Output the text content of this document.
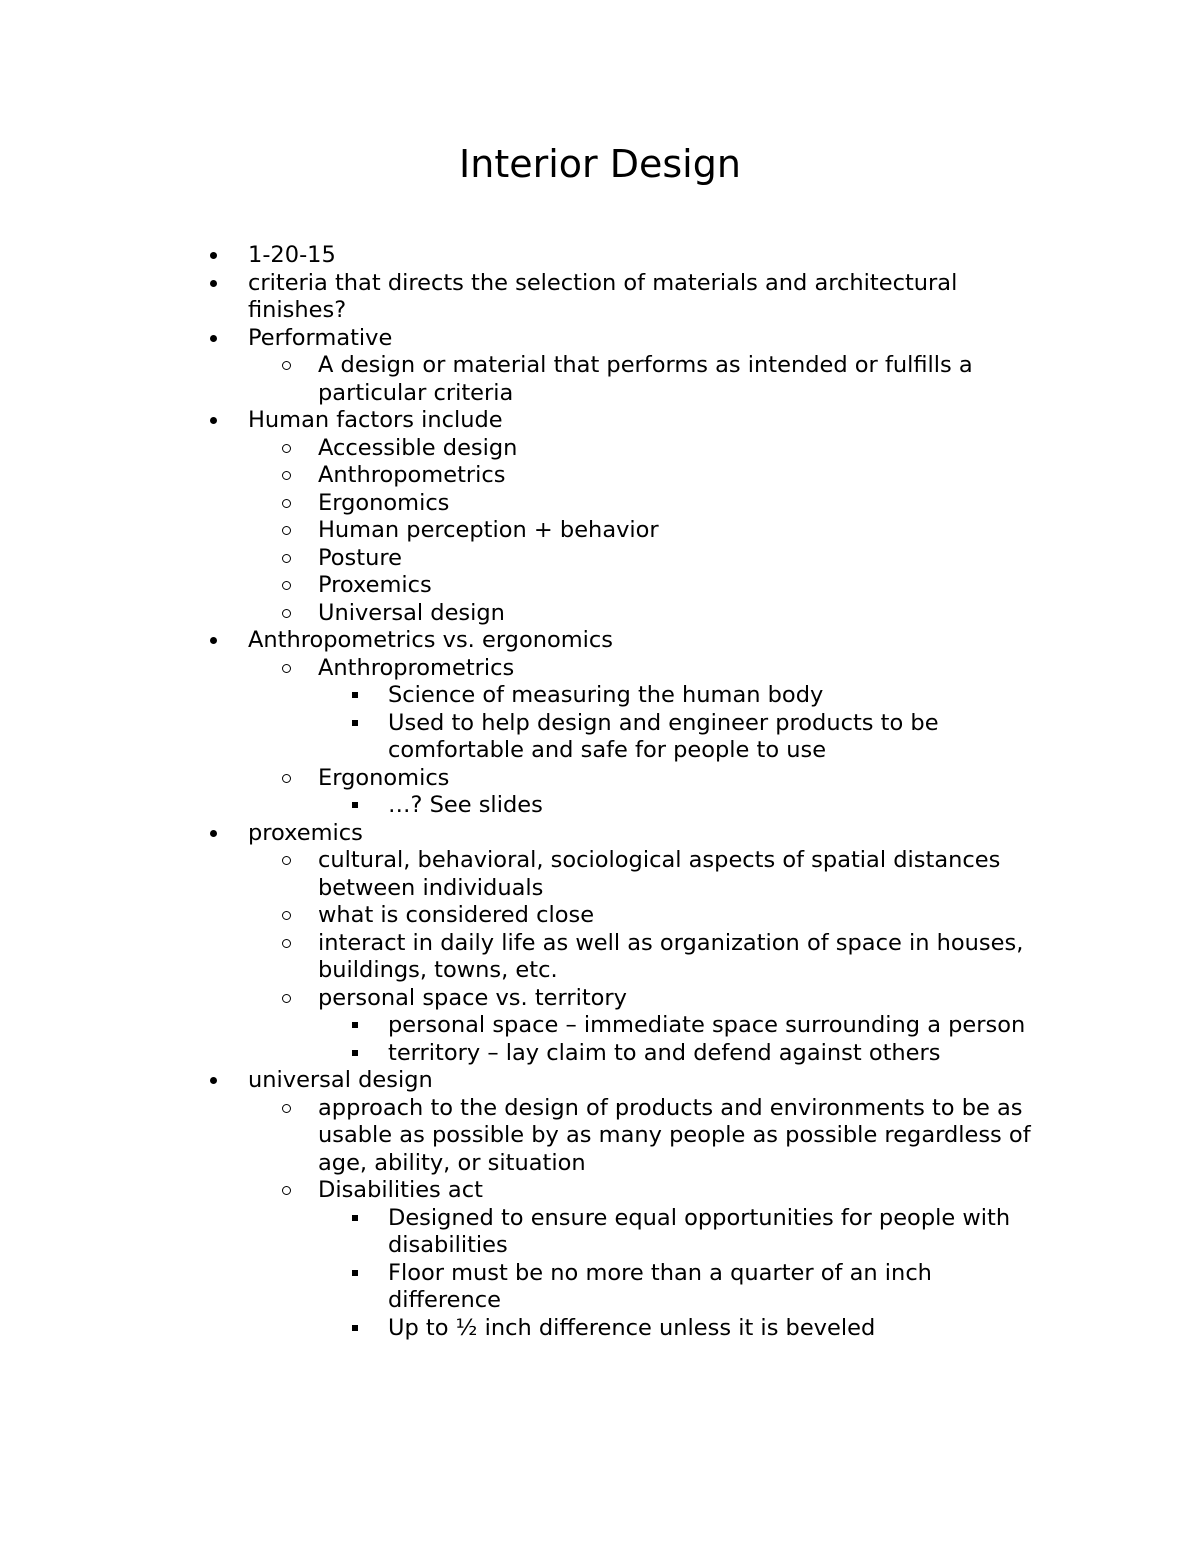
Interior Design
1-20-15
criteria that directs the selection of materials and architectural finishes?
Performative
A design or material that performs as intended or fulfills a particular criteria
Human factors include
Accessible design
Anthropometrics
Ergonomics
Human perception + behavior
Posture
Proxemics
Universal design
Anthropometrics vs. ergonomics
Anthroprometrics
Science of measuring the human body
Used to help design and engineer products to be comfortable and safe for people to use
Ergonomics
…? See slides
proxemics
cultural, behavioral, sociological aspects of spatial distances between individuals
what is considered close
interact in daily life as well as organization of space in houses, buildings, towns, etc.
personal space vs. territory
personal space – immediate space surrounding a person
territory – lay claim to and defend against others
universal design
approach to the design of products and environments to be as usable as possible by as many people as possible regardless of age, ability, or situation
Disabilities act
Designed to ensure equal opportunities for people with disabilities
Floor must be no more than a quarter of an inch difference
Up to ½ inch difference unless it is beveled
